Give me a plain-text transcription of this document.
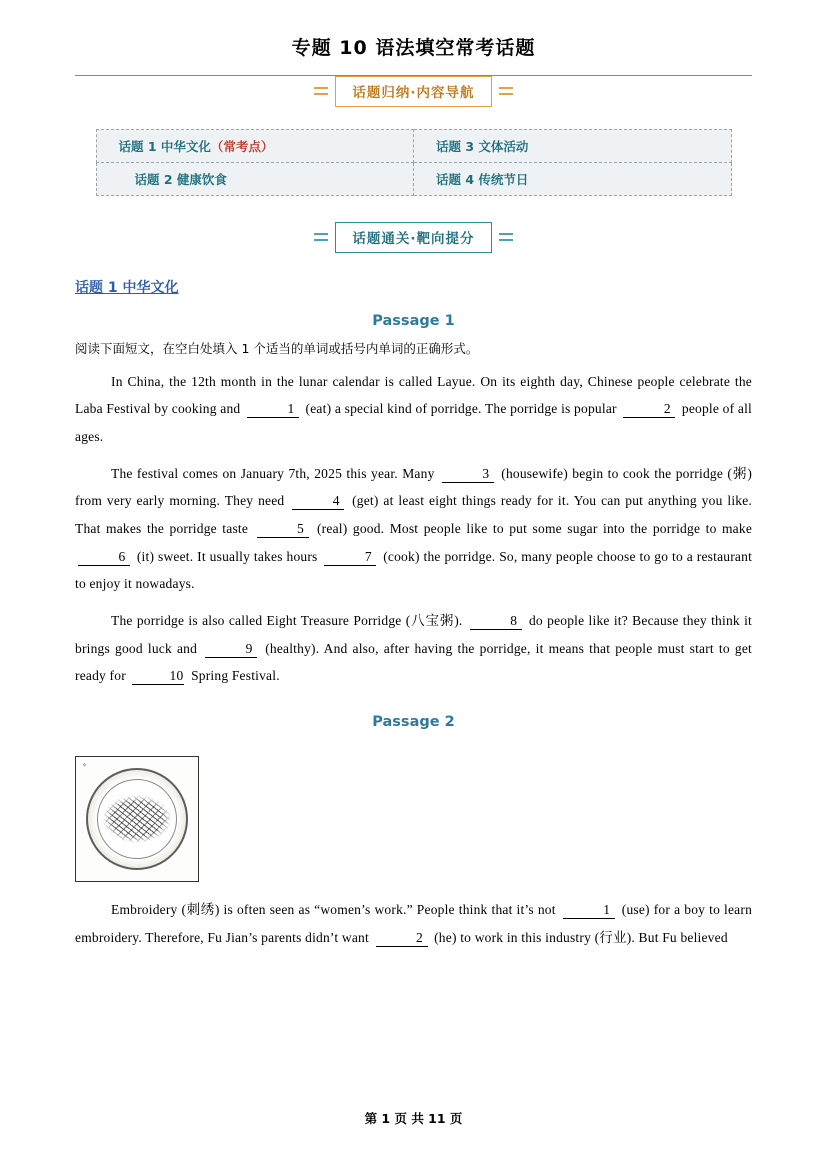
专题 10 语法填空常考话题
话题归纳·内容导航
话题 1 中华文化（常考点）	话题 3 文体活动
话题 2 健康饮食	话题 4 传统节日
话题通关·靶向提分
话题 1 中华文化
Passage 1
阅读下面短文，在空白处填入 1 个适当的单词或括号内单词的正确形式。

In China, the 12th month in the lunar calendar is called Layue. On its eighth day, Chinese people celebrate the Laba Festival by cooking and	1 (eat) a special kind of porridge. The porridge is popular	2 people of all ages.

The festival comes on January 7th, 2025 this year. Many	3 (housewife) begin to cook the porridge (粥) from very early morning. They need	4 (get) at least eight things ready for it. You can put anything you like. That makes the porridge taste	5 (real) good. Most people like to put some sugar into the porridge to make 6 (it) sweet. It usually takes hours	7 (cook) the porridge. So, many people choose to go to a restaurant to enjoy it nowadays.

The porridge is also called Eight Treasure Porridge (八宝粥).	8 do people like it? Because they think it brings good luck and	9 (healthy). And also, after having the porridge, it means that people must start to get ready for	10 Spring Festival.

Passage 2
✧

Embroidery (刺绣) is often seen as “women’s work.” People think that it’s not	1 (use) for a boy to learn embroidery. Therefore, Fu Jian’s parents didn’t want	2 (he) to work in this industry (行业). But Fu believed

第 1 页 共 11 页
